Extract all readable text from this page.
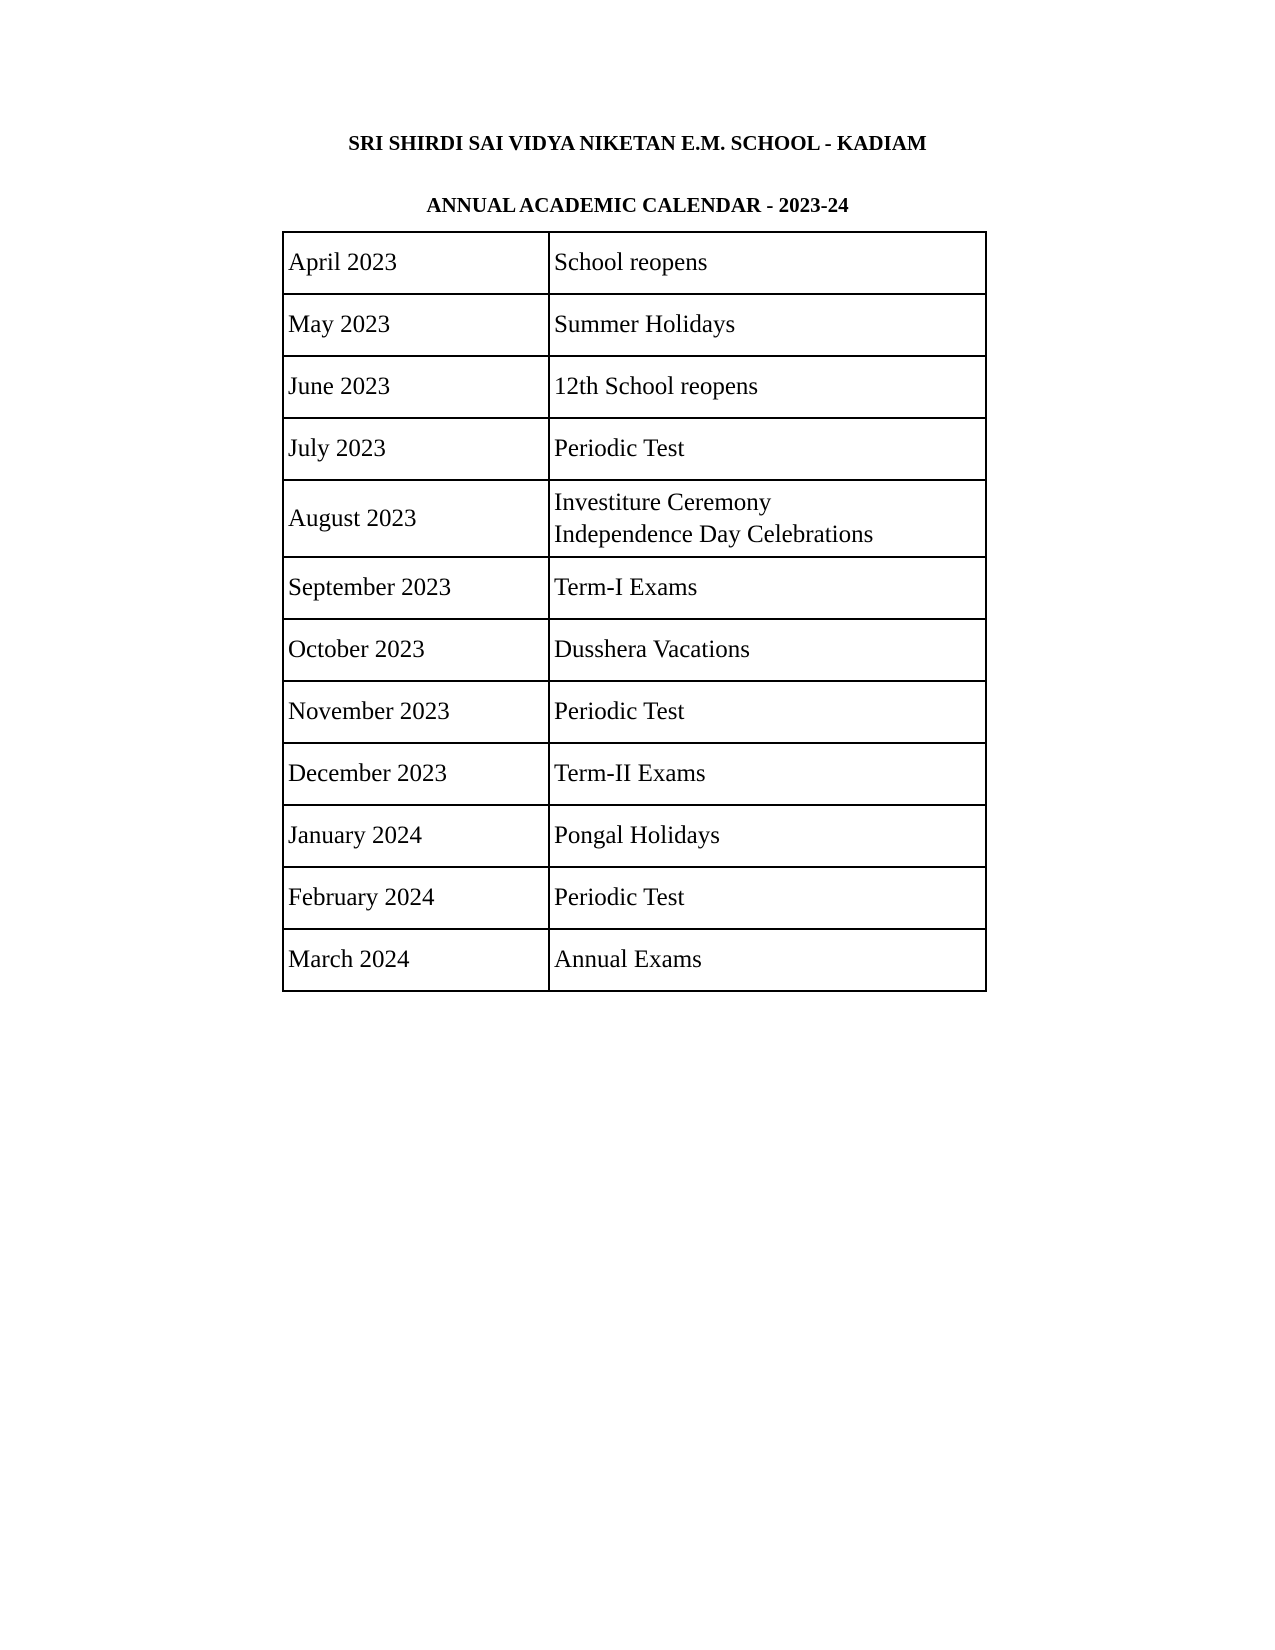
SRI SHIRDI SAI VIDYA NIKETAN E.M. SCHOOL - KADIAM
ANNUAL ACADEMIC CALENDAR - 2023-24
April 2023	School reopens

May 2023	Summer Holidays

June 2023	12th School reopens

July 2023	Periodic Test

August 2023	Investiture Ceremony
Independence Day Celebrations

September 2023	Term-I Exams

October 2023	Dusshera Vacations

November 2023	Periodic Test

December 2023	Term-II Exams

January 2024	Pongal Holidays

February 2024	Periodic Test

March 2024	Annual Exams
